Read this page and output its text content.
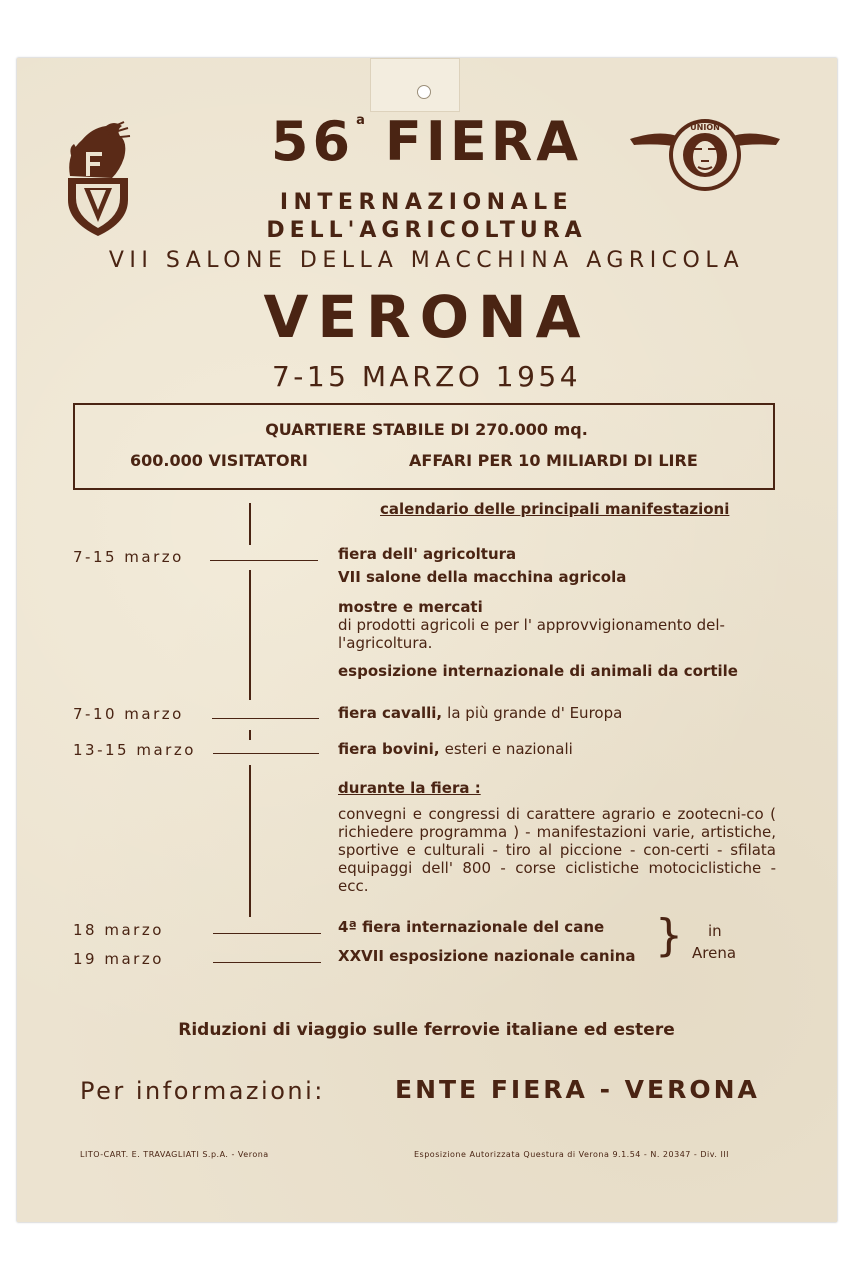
UNION
56 $^a$ FIERA
INTERNAZIONALE
DELL'AGRICOLTURA
VII SALONE DELLA MACCHINA AGRICOLA
VERONA
7-15 MARZO 1954
QUARTIERE STABILE DI 270.000 mq.
600.000 VISITATORI	AFFARI PER 10 MILIARDI DI LIRE
calendario delle principali manifestazioni
7-15 marzo	fiera dell' agricoltura
VII salone della macchina agricola
mostre e mercati
di prodotti agricoli e per l' approvvigionamento del-l'agricoltura.
esposizione internazionale di animali da cortile
7-10 marzo	fiera cavalli, la più grande d' Europa
13-15 marzo	fiera bovini, esteri e nazionali
durante la fiera :
convegni e congressi di carattere agrario e zootecni-co ( richiedere programma ) - manifestazioni varie, artistiche, sportive e culturali - tiro al piccione - con-certi - sfilata equipaggi dell' 800 - corse ciclistiche motociclistiche - ecc.
18 marzo	4ª fiera internazionale del cane
19 marzo	XXVII esposizione nazionale canina } in
Arena
Riduzioni di viaggio sulle ferrovie italiane ed estere
Per informazioni:	ENTE FIERA - VERONA
LITO-CART. E. TRAVAGLIATI S.p.A. - Verona	Esposizione Autorizzata Questura di Verona 9.1.54 - N. 20347 - Div. III
